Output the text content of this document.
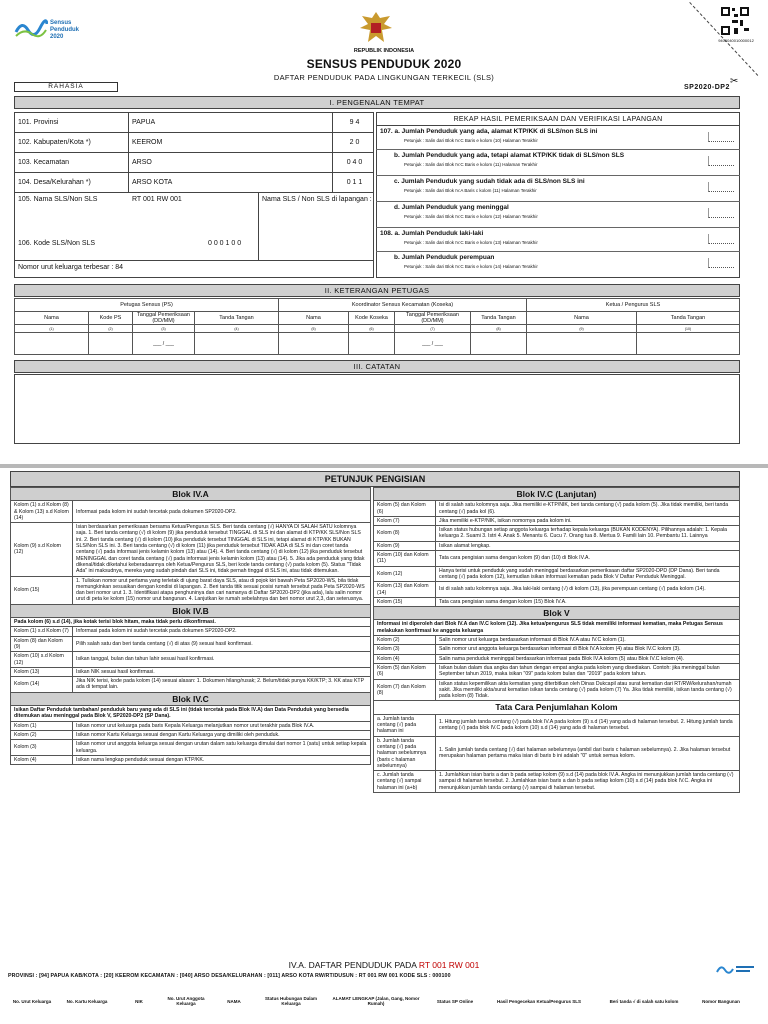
Sensus
Penduduk
2020
REPUBLIK INDONESIA
SENSUS PENDUDUK 2020
DAFTAR PENDUDUK PADA LINGKUNGAN TERKECIL (SLS)
9400040010000012
✂
RAHASIA	SP2020-DP2
I. PENGENALAN TEMPAT
101. Provinsi	PAPUA	9 4
102. Kabupaten/Kota *)	KEEROM	2 0
103. Kecamatan	ARSO	0 4 0
104. Desa/Kelurahan *)	ARSO KOTA	0 1 1
105. Nama SLS/Non SLS	RT 001 RW 001	Nama SLS / Non SLS di lapangan :
106. Kode SLS/Non SLS	0 0 0 1 0 0
Nomor urut keluarga terbesar : 84
REKAP HASIL PEMERIKSAAN DAN VERIFIKASI LAPANGAN
107. a. Jumlah Penduduk yang ada, alamat KTP/KK di SLS/non SLS ini
Petunjuk : Salin dari Blok IV.C Baris e kolom (10) Halaman Terakhir
b. Jumlah Penduduk yang ada, tetapi alamat KTP/KK tidak di SLS/non SLS
Petunjuk : Salin dari Blok IV.C Baris e kolom (11) Halaman Terakhir
c. Jumlah Penduduk yang sudah tidak ada di SLS/non SLS ini
Petunjuk : Salin dari Blok IV.A Baris c kolom (11) Halaman Terakhir
d. Jumlah Penduduk yang meninggal
Petunjuk : Salin dari Blok IV.C Baris e kolom (12) Halaman Terakhir
108. a. Jumlah Penduduk laki-laki
Petunjuk : Salin dari Blok IV.C Baris e kolom (13) Halaman Terakhir
b. Jumlah Penduduk perempuan
Petunjuk : Salin dari Blok IV.C Baris e kolom (14) Halaman Terakhir
II. KETERANGAN PETUGAS
Petugas Sensus (PS)				Koordinator Sensus Kecamatan (Koseka)				Ketua / Pengurus SLS	
Nama	Kode PS	Tanggal Pemeriksaan (DD/MM)	Tanda Tangan	Nama	Kode Koseka	Tanggal Pemeriksaan (DD/MM)	Tanda Tangan	Nama	Tanda Tangan
(1)	(2)	(3)	(4)	(5)	(6)	(7)	(8)	(9)	(10)
		___ / ___				___ / ___			
III. CATATAN
PETUNJUK PENGISIAN
Blok IV.A	
Kolom (1) s.d Kolom (8) & Kolom (13) s.d Kolom (14)	Informasi pada kolom ini sudah tercetak pada dokumen SP2020-DP2.
Kolom (9) s.d Kolom (12)	Isian berdasarkan pemeriksaan bersama Ketua/Pengurus SLS. Beri tanda centang (√) HANYA DI SALAH SATU kolomnya saja. 1. Beri tanda centang (√) di kolom (9) jika penduduk tersebut TINGGAL di SLS ini dan alamat di KTP/KK SLS/Non SLS ini. 2. Beri tanda centang (√) di kolom (10) jika penduduk tersebut TINGGAL di SLS ini, tetapi alamat di KTP/KK BUKAN SLS/Non SLS ini. 3. Beri tanda centang (√) di kolom (11) jika penduduk tersebut TIDAK ADA di SLS ini dan coret tanda centang (√) pada informasi jenis kelamin kolom (13) atau (14). 4. Beri tanda centang (√) di kolom (12) jika penduduk tersebut MENINGGAL dan coret tanda centang (√) pada informasi jenis kelamin kolom (13) atau (14). 5. Jika ada penduduk yang tidak dikenal/tidak diketahui keberadaannya oleh Ketua/Pengurus SLS, beri kode tanda centang (√) pada kolom (5). Status "Tidak Ada" ini maksudnya, mereka yang sudah pindah dari SLS ini, tidak pernah tinggal di SLS ini, atau tidak ditemukan.
Kolom (15)	1. Tuliskan nomor urut pertama yang terletak di ujung barat daya SLS, atau di pojok kiri bawah Peta SP2020-WS, bila tidak memungkinkan sesuaikan dengan kondisi di lapangan. 2. Beri tanda titik sesuai posisi rumah tersebut pada Peta SP2020-WS dan beri nomor urut 1. 3. Identifikasi atapa penghuninya dan cari namanya di Daftar SP2020-DP2 (jika ada), lalu salin nomor urut di peta ke kolom (15) nomor urut bangunan. 4. Lanjutkan ke rumah sebelahnya dan beri nomor urut 2,3, dan seterusnya.
Blok IV.B	
Pada kolom (6) s.d (14), jika kotak terisi blok hitam, maka tidak perlu dikonfirmasi.	
Kolom (1) s.d Kolom (7)	Informasi pada kolom ini sudah tercetak pada dokumen SP2020-DP2.
Kolom (8) dan Kolom (9)	Pilih salah satu dan beri tanda centang (√) di atas (9) sesuai hasil konfirmasi.
Kolom (10) s.d Kolom (12)	Isikan tanggal, bulan dan tahun lahir sesuai hasil konfirmasi.
Kolom (13)	Isikan NIK sesuai hasil konfirmasi.
Kolom (14)	Jika NIK terisi, kode pada kolom (14) sesuai alasan: 1. Dokumen hilang/rusak; 2. Belum/tidak punya KK/KTP; 3. KK atau KTP ada di tempat lain.
Blok IV.C	
Isikan Daftar Penduduk tambahan/ penduduk baru yang ada di SLS ini (tidak tercetak pada Blok IV.A) dan Data Penduduk yang bersedia ditemukan atau meninggal pada Blok V, SP2020-DP2 (SP Dana).	
Kolom (1)	Isikan nomor urut keluarga pada baris Kepala Keluarga melanjutkan nomor urut terakhir pada Blok IV.A.
Kolom (2)	Isikan nomor Kartu Keluarga sesuai dengan Kartu Keluarga yang dimiliki oleh penduduk.
Kolom (3)	Isikan nomor urut anggota keluarga sesuai dengan urutan dalam satu keluarga dimulai dari nomor 1 (satu) untuk setiap kepala keluarga.
Kolom (4)	Isikan nama lengkap penduduk sesuai dengan KTP/KK.
Blok IV.C (Lanjutan)	
Kolom (5) dan Kolom (6)	Isi di salah satu kolomnya saja. Jika memiliki e-KTP/NIK, beri tanda centang (√) pada kolom (5). Jika tidak memiliki, beri tanda centang (√) pada kol (6).
Kolom (7)	Jika memiliki e-KTP/NIK, isikan nomornya pada kolom ini.
Kolom (8)	Isikan status hubungan setiap anggota keluarga terhadap kepala keluarga (BUKAN KODENYA). Pilihannya adalah: 1. Kepala keluarga 2. Suami 3. Istri 4. Anak 5. Menantu 6. Cucu 7. Orang tua 8. Mertua 9. Famili lain 10. Pembantu 11. Lainnya
Kolom (9)	Isikan alamat lengkap.
Kolom (10) dan Kolom (11)	Tata cara pengisian sama dengan kolom (9) dan (10) di Blok IV.A.
Kolom (12)	Hanya terisi untuk penduduk yang sudah meninggal berdasarkan pemeriksaan daftar SP2020-DPD (DP Dana). Beri tanda centang (√) pada kolom (12), kemudian isikan informasi kematian pada Blok V Daftar Penduduk Meninggal.
Kolom (13) dan Kolom (14)	Isi di salah satu kolomnya saja. Jika laki-laki centang (√) di kolom (13), jika perempuan centang (√) pada kolom (14).
Kolom (15)	Tata cara pengisian sama dengan kolom (15) Blok IV.A.
Blok V	
Informasi ini diperoleh dari Blok IV.A dan IV.C kolom (12). Jika ketua/pengurus SLS tidak memiliki informasi kematian, maka Petugas Sensus melakukan konfirmasi ke anggota keluarga	
Kolom (2)	Salin nomor urut keluarga berdasarkan informasi di Blok IV.A atau IV.C kolom (1).
Kolom (3)	Salin nomor urut anggota keluarga berdasarkan informasi di Blok IV.A kolom (4) atau Blok IV.C kolom (3).
Kolom (4)	Salin nama penduduk meninggal berdasarkan informasi pada Blok IV.A kolom (5) atau Blok IV.C kolom (4).
Kolom (5) dan Kolom (6)	Isikan bulan dalam dua angka dan tahun dengan empat angka pada kolom yang disediakan. Contoh: jika meninggal bulan September tahun 2019, maka isikan "09" pada kolom bulan dan "2019" pada kolom tahun.
Kolom (7) dan Kolom (8)	Isikan status kepemilikan akta kematian yang diterbitkan oleh Dinas Dukcapil atau surat kematian dari RT/RW/kelurahan/rumah sakit. Jika memiliki akta/surat kematian isikan tanda centang (√) pada kolom (7) Ya. Jika tidak memiliki, isikan tanda centang (√) pada kolom (8) Tidak.
Tata Cara Penjumlahan Kolom	
a. Jumlah tanda centang (√) pada halaman ini	1. Hitung jumlah tanda centang (√) pada blok IV.A pada kolom (9) s.d (14) yang ada di halaman tersebut. 2. Hitung jumlah tanda centang (√) pada blok IV.C pada kolom (10) s.d (14) yang ada di halaman tersebut.
b. Jumlah tanda centang (√) pada halaman sebelumnya (baris c halaman sebelumnya)	1. Salin jumlah tanda centang (√) dari halaman sebelumnya (ambil dari baris c halaman sebelumnya). 2. Jika halaman tersebut merupakan halaman pertama maka isian di baris b ini adalah "0" untuk semua kolom.
c. Jumlah tanda centang (√) sampai halaman ini (a+b)	1. Jumlahkan isian baris a dan b pada setiap kolom (9) s.d (14) pada blok IV.A. Angka ini menunjukkan jumlah tanda centang (√) sampai di halaman tersebut. 2. Jumlahkan isian baris a dan b pada setiap kolom (10) s.d (14) pada blok IV.C. Angka ini menunjukkan jumlah tanda centang (√) sampai di halaman tersebut.
IV.A. DAFTAR PENDUDUK PADA RT 001 RW 001
PROVINSI : [94] PAPUA KAB/KOTA : [20] KEEROM KECAMATAN : [040] ARSO DESA/KELURAHAN : [011] ARSO KOTA RW/RT/DUSUN : RT 001 RW 001 KODE SLS : 000100
No. Urut Keluarga	No. Kartu Keluarga	NIK	No. Urut Anggota Keluarga	NAMA	Status Hubungan Dalam Keluarga	ALAMAT LENGKAP (Jalan, Gang, Nomor Rumah)	Status SP Online	Hasil Pengecekan Ketua/Pengurus SLS	Beri tanda √ di salah satu kolom	Nomor Bangunan
